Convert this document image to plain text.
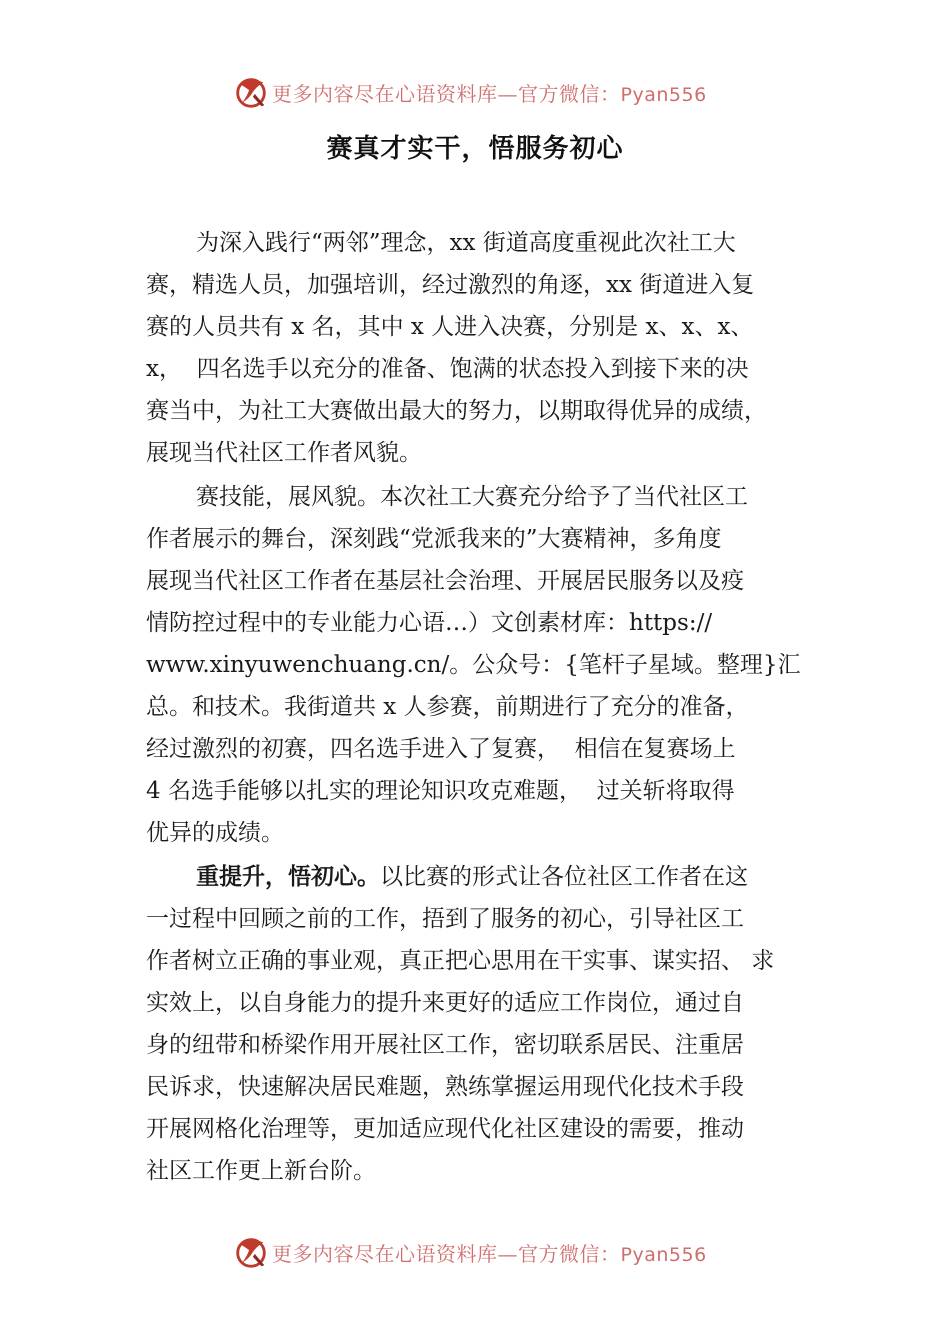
更多内容尽在心语资料库—官方微信：Pyan556
赛真才实干，悟服务初心
为深入践行“两邻”理念，xx 街道高度重视此次社工大
赛，精选人员，加强培训，经过激烈的角逐，xx 街道进入复
赛的人员共有 x 名，其中 x 人进入决赛，分别是 x、x、x、
x，  四名选手以充分的准备、饱满的状态投入到接下来的决
赛当中，为社工大赛做出最大的努力，以期取得优异的成绩，
展现当代社区工作者风貌。
赛技能，展风貌。本次社工大赛充分给予了当代社区工
作者展示的舞台，深刻践“党派我来的”大赛精神，多角度
展现当代社区工作者在基层社会治理、开展居民服务以及疫
情防控过程中的专业能力心语…）文创素材库：https://
www.xinyuwenchuang.cn/。公众号：{笔杆子星域。整理}汇
总。和技术。我街道共 x 人参赛，前期进行了充分的准备，
经过激烈的初赛，四名选手进入了复赛，  相信在复赛场上
4 名选手能够以扎实的理论知识攻克难题，  过关斩将取得
优异的成绩。
重提升，悟初心。以比赛的形式让各位社区工作者在这
一过程中回顾之前的工作，捂到了服务的初心，引导社区工
作者树立正确的事业观，真正把心思用在干实事、谋实招、 求
实效上，以自身能力的提升来更好的适应工作岗位，通过自
身的纽带和桥梁作用开展社区工作，密切联系居民、注重居
民诉求，快速解决居民难题，熟练掌握运用现代化技术手段
开展网格化治理等，更加适应现代化社区建设的需要，推动
社区工作更上新台阶。
更多内容尽在心语资料库—官方微信：Pyan556
